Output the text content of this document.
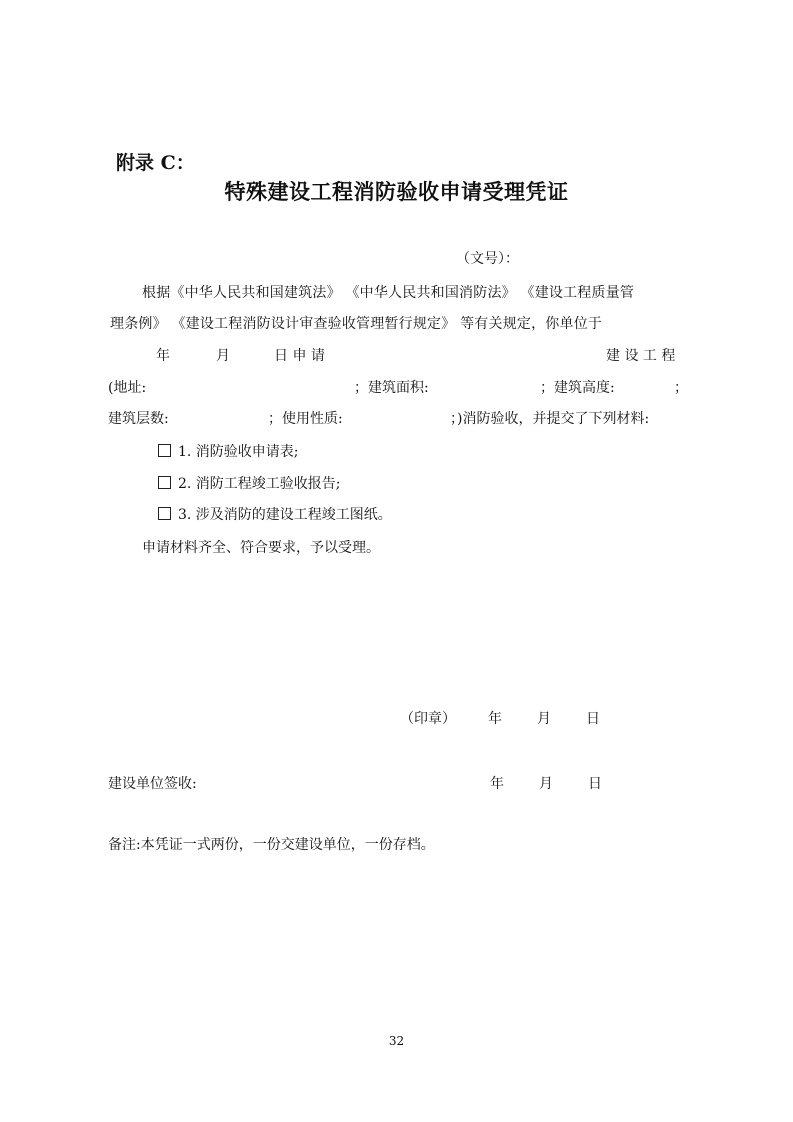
附录 C：
特殊建设工程消防验收申请受理凭证
（文号）：
根据《中华人民共和国建筑法》 《中华人民共和国消防法》 《建设工程质量管
理条例》 《建设工程消防设计审查验收管理暂行规定》 等有关规定，你单位于
年	月	日 申 请	建 设 工 程
(地址:	；建筑面积:	；建筑高度:	；
建筑层数:	；使用性质:	；)消防验收，并提交了下列材料:
1. 消防验收申请表;
2. 消防工程竣工验收报告;
3. 涉及消防的建设工程竣工图纸。
申请材料齐全、符合要求，予以受理。
（印章） 年	月	日
建设单位签收:	年	月	日
备注:本凭证一式两份，一份交建设单位，一份存档。
32
